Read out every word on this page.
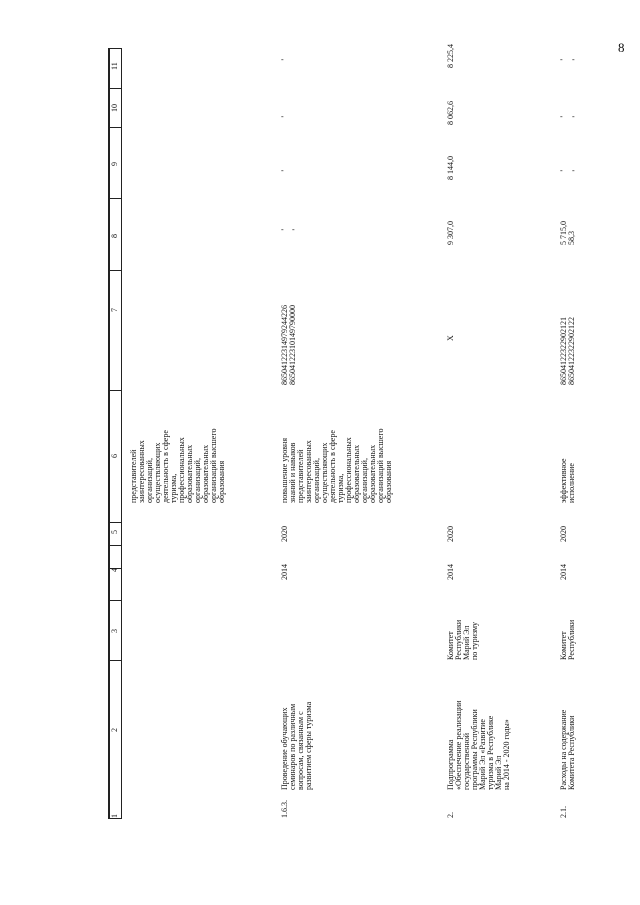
8
1
2
3
4
5
6
7
8
9
10
11
представителей
заинтересованных
организаций,
осуществляющих
деятельность в сфере
туризма,
профессиональных
образовательных
организаций,
образовательных
организаций высшего
образования
1.6.3.
Проведение обучающих
семинаров по различным
вопросам, связанным с
развитием сферы туризма
2014
2020
повышение уровня
знаний и навыков
представителей
заинтересованных
организаций,
осуществляющих
деятельность в сфере
туризма,
профессиональных
образовательных
организаций,
образовательных
организаций высшего
образования
86504122314979244226
86504122310149790000
- -
-
-
-
2.
Подпрограмма
«Обеспечение реализации
государственной
программы Республики
Марий Эл «Развитие
туризма в Республике
Марий Эл
на 2014 - 2020 годы»
Комитет
Республики
Марий Эл
по туризму
2014
2020
Х
9 307,0
8 144,0
8 062,6
8 225,4
2.1.
Расходы на содержание
Комитета Республики
Комитет
Республики
2014
2020
эффективное
исполнение
86504122322902121
86504122322902122
5 715,0
58,3
-
-
-
-
-
-
